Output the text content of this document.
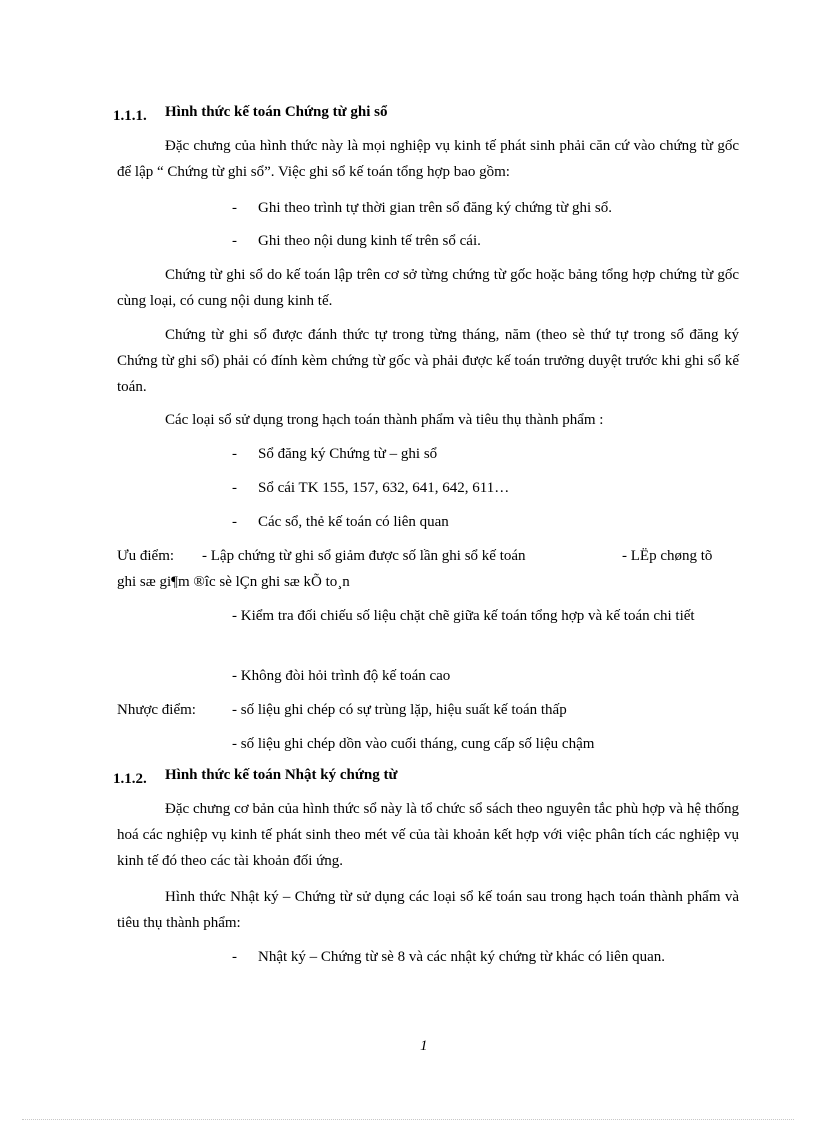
1.1.1. Hình thức kế toán Chứng từ ghi sổ
Đặc chưng của hình thức này là mọi nghiệp vụ kinh tế phát sinh phải căn cứ vào chứng từ gốc để lập “ Chứng từ ghi sổ”. Việc ghi sổ kế toán tổng hợp bao gồm:
- Ghi theo trình tự thời gian trên sổ đăng ký chứng từ ghi sổ.
- Ghi theo nội dung kinh tế trên sổ cái.
Chứng từ ghi sổ do kế toán lập trên cơ sở từng chứng từ gốc hoặc bảng tổng hợp chứng từ gốc cùng loại, có cung nội dung kinh tế.
Chứng từ ghi sổ được đánh thức tự trong từng tháng, năm (theo sè thứ tự trong sổ đăng ký Chứng từ ghi sổ) phải có đính kèm chứng từ gốc và phải được kế toán trưởng duyệt trước khi ghi sổ kế toán.
Các loại sổ sử dụng trong hạch toán thành phẩm và tiêu thụ thành phẩm :
- Sổ đăng ký Chứng từ – ghi sổ
- Sổ cái TK 155, 157, 632, 641, 642, 611…
- Các sổ, thẻ kế toán có liên quan
Ưu điểm: - Lập chứng từ ghi sổ giảm được số lần ghi sổ kế toán	- LËp chøng tõ
ghi sæ gi¶m ®îc sè lÇn ghi sæ kÕ to¸n
- Kiểm tra đối chiếu số liệu chặt chẽ giữa kế toán tổng hợp và kế toán chi tiết
- Không đòi hỏi trình độ kế toán cao
Nhược điểm: - số liệu ghi chép có sự trùng lặp, hiệu suất kế toán thấp
- số liệu ghi chép dồn vào cuối tháng, cung cấp số liệu chậm
1.1.2. Hình thức kế toán Nhật ký chứng từ
Đặc chưng cơ bản của hình thức sổ này là tổ chức sổ sách theo nguyên tắc phù hợp và hệ thống hoá các nghiệp vụ kinh tế phát sinh theo mét vế của tài khoản kết hợp với việc phân tích các nghiệp vụ kinh tế đó theo các tài khoản đối ứng.
Hình thức Nhật ký – Chứng từ sử dụng các loại sổ kế toán sau trong hạch toán thành phẩm và tiêu thụ thành phẩm:
- Nhật ký – Chứng từ sè 8 và các nhật ký chứng từ khác có liên quan.
1
